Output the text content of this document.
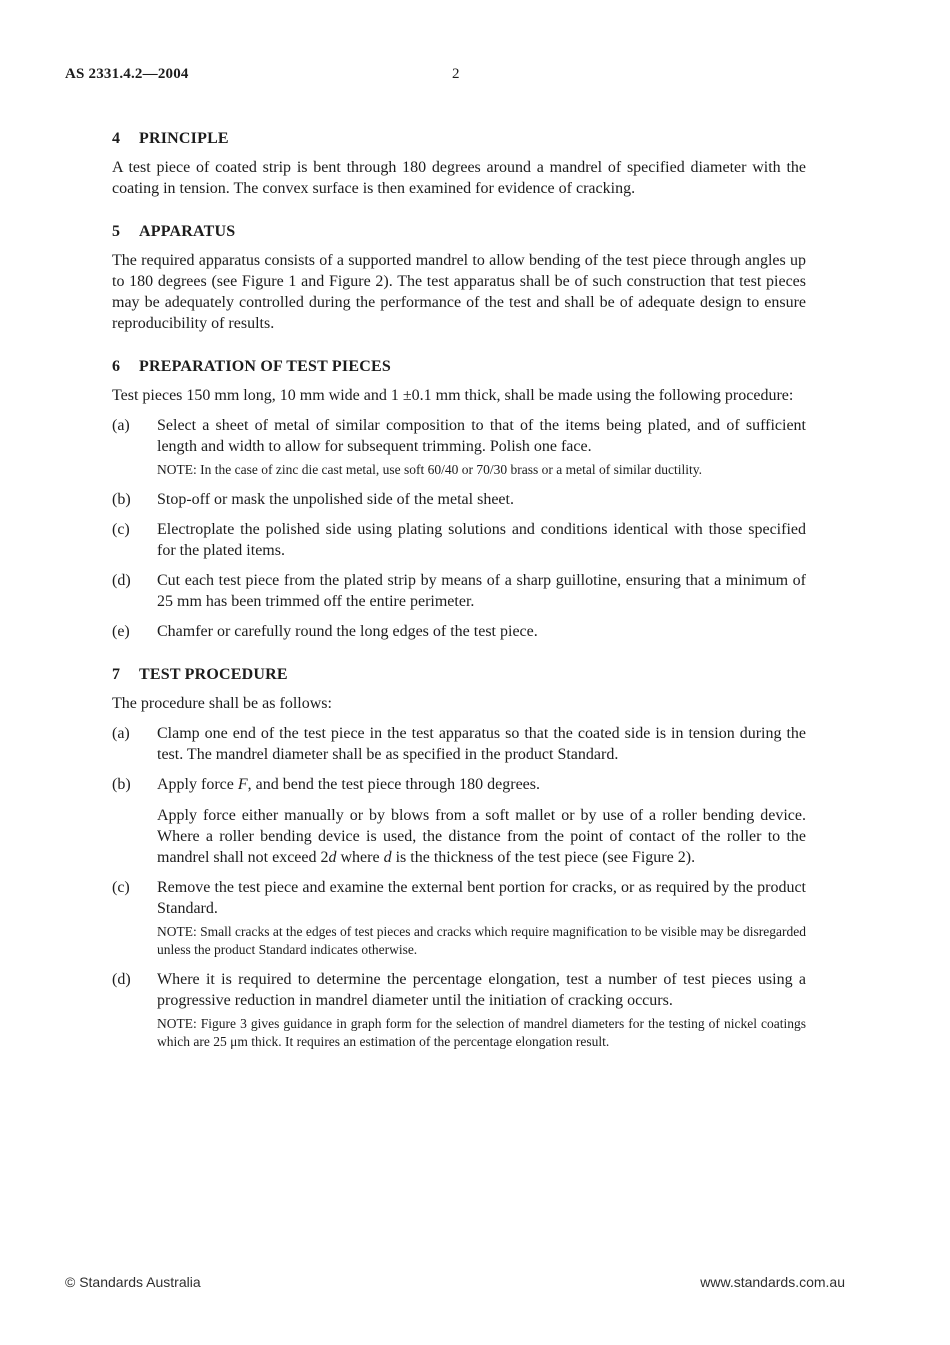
AS 2331.4.2—2004	2
4 PRINCIPLE

A test piece of coated strip is bent through 180 degrees around a mandrel of specified diameter with the coating in tension. The convex surface is then examined for evidence of cracking.

5 APPARATUS

The required apparatus consists of a supported mandrel to allow bending of the test piece through angles up to 180 degrees (see Figure 1 and Figure 2). The test apparatus shall be of such construction that test pieces may be adequately controlled during the performance of the test and shall be of adequate design to ensure reproducibility of results.

6 PREPARATION OF TEST PIECES

Test pieces 150 mm long, 10 mm wide and 1 ±0.1 mm thick, shall be made using the following procedure:

(a)	Select a sheet of metal of similar composition to that of the items being plated, and of sufficient length and width to allow for subsequent trimming. Polish one face.

NOTE: In the case of zinc die cast metal, use soft 60/40 or 70/30 brass or a metal of similar ductility.

(b)	Stop-off or mask the unpolished side of the metal sheet.

(c)	Electroplate the polished side using plating solutions and conditions identical with those specified for the plated items.

(d)	Cut each test piece from the plated strip by means of a sharp guillotine, ensuring that a minimum of 25 mm has been trimmed off the entire perimeter.

(e)	Chamfer or carefully round the long edges of the test piece.

7 TEST PROCEDURE

The procedure shall be as follows:

(a)	Clamp one end of the test piece in the test apparatus so that the coated side is in tension during the test. The mandrel diameter shall be as specified in the product Standard.

(b)	Apply force F, and bend the test piece through 180 degrees.

Apply force either manually or by blows from a soft mallet or by use of a roller bending device. Where a roller bending device is used, the distance from the point of contact of the roller to the mandrel shall not exceed 2d where d is the thickness of the test piece (see Figure 2).

(c)	Remove the test piece and examine the external bent portion for cracks, or as required by the product Standard.

NOTE: Small cracks at the edges of test pieces and cracks which require magnification to be visible may be disregarded unless the product Standard indicates otherwise.

(d)	Where it is required to determine the percentage elongation, test a number of test pieces using a progressive reduction in mandrel diameter until the initiation of cracking occurs.

NOTE: Figure 3 gives guidance in graph form for the selection of mandrel diameters for the testing of nickel coatings which are 25 μm thick. It requires an estimation of the percentage elongation result.

© Standards Australia	www.standards.com.au
